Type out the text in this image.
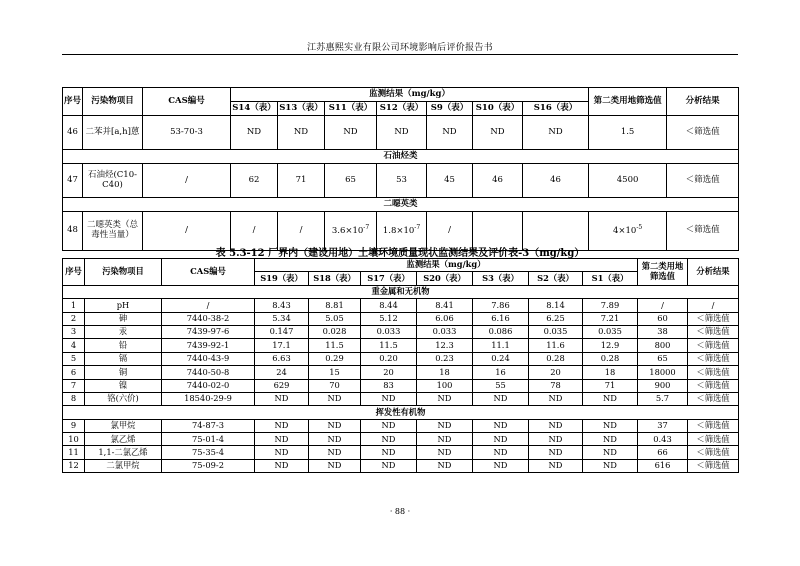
江苏惠熙实业有限公司环境影响后评价报告书
序号	污染物项目	CAS编号	监测结果（mg/kg）							第二类用地筛选值	分析结果
			S14（表）	S13（表）	S11（表）	S12（表）	S9（表）	S10（表）	S16（表）		
46	二苯并[a,h]蒽	53-70-3	ND	ND	ND	ND	ND	ND	ND	1.5	＜筛选值
石油烃类											
47	石油烃(C10-C40)	/	62	71	65	53	45	46	46	4500	＜筛选值
二噁英类											
48	二噁英类（总毒性当量）	/	/	/	$3.6\times 10^{-7}$	$1.8\times 10^{-7}$	/			$4\times 10^{-5}$	＜筛选值
表 5.3-12 厂界内（建设用地）土壤环境质量现状监测结果及评价表-3（mg/kg）
序号	污染物项目	CAS编号	监测结果（mg/kg）							第二类用地筛选值	分析结果
			S19（表）	S18（表）	S17（表）	S20（表）	S3（表）	S2（表）	S1（表）		
重金属和无机物											
1	pH	/	8.43	8.81	8.44	8.41	7.86	8.14	7.89	/	/
2	砷	7440-38-2	5.34	5.05	5.12	6.06	6.16	6.25	7.21	60	＜筛选值
3	汞	7439-97-6	0.147	0.028	0.033	0.033	0.086	0.035	0.035	38	＜筛选值
4	铅	7439-92-1	17.1	11.5	11.5	12.3	11.1	11.6	12.9	800	＜筛选值
5	镉	7440-43-9	6.63	0.29	0.20	0.23	0.24	0.28	0.28	65	＜筛选值
6	铜	7440-50-8	24	15	20	18	16	20	18	18000	＜筛选值
7	镍	7440-02-0	629	70	83	100	55	78	71	900	＜筛选值
8	铬(六价)	18540-29-9	ND	ND	ND	ND	ND	ND	ND	5.7	＜筛选值
挥发性有机物											
9	氯甲烷	74-87-3	ND	ND	ND	ND	ND	ND	ND	37	＜筛选值
10	氯乙烯	75-01-4	ND	ND	ND	ND	ND	ND	ND	0.43	＜筛选值
11	1,1-二氯乙烯	75-35-4	ND	ND	ND	ND	ND	ND	ND	66	＜筛选值
12	二氯甲烷	75-09-2	ND	ND	ND	ND	ND	ND	ND	616	＜筛选值
· 88 ·
